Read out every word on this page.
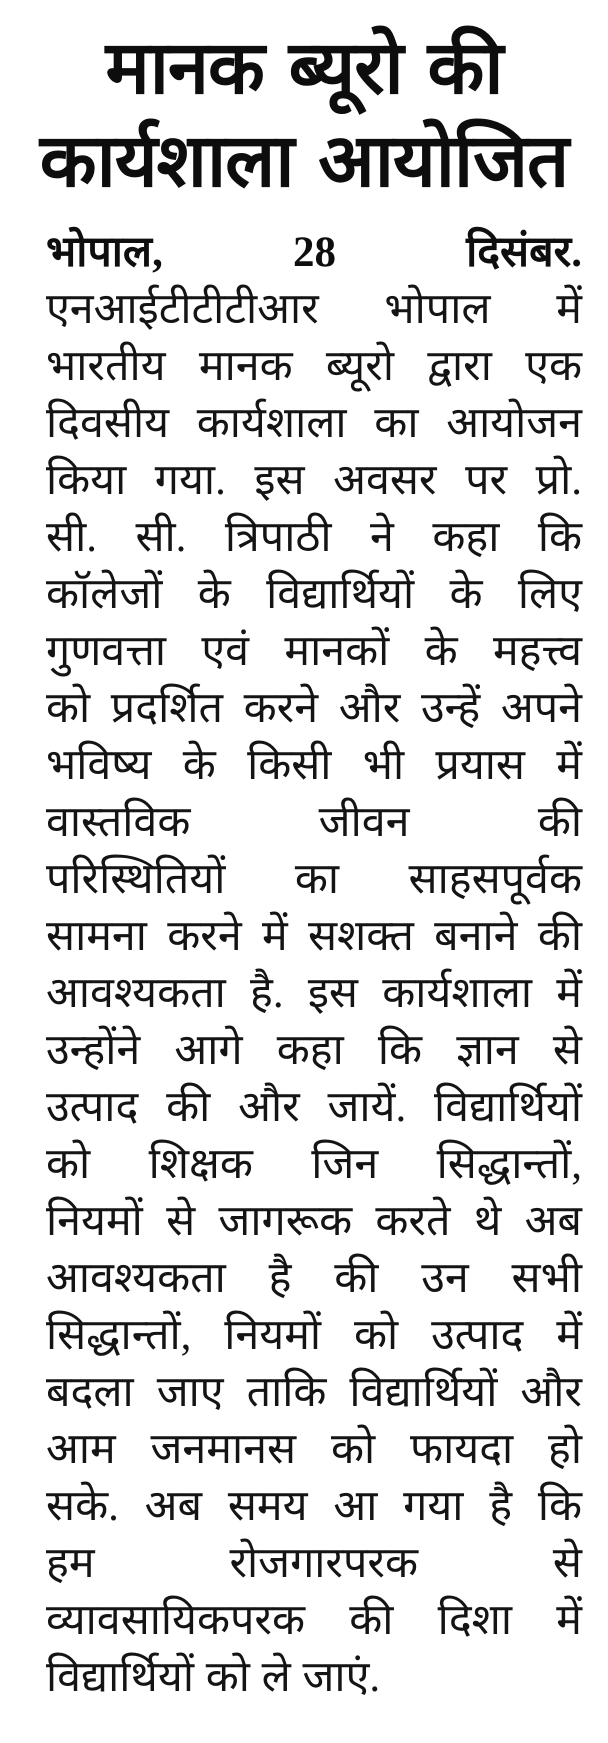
मानक ब्यूरो की
कार्यशाला आयोजित
भोपाल, 28 दिसंबर.
एनआईटीटीटीआर भोपाल में
भारतीय मानक ब्यूरो द्वारा एक
दिवसीय कार्यशाला का आयोजन
किया गया. इस अवसर पर प्रो.
सी. सी. त्रिपाठी ने कहा कि
कॉलेजों के विद्यार्थियों के लिए
गुणवत्ता एवं मानकों के महत्त्व
को प्रदर्शित करने और उन्हें अपने
भविष्य के किसी भी प्रयास में
वास्तविक जीवन की
परिस्थितियों का साहसपूर्वक
सामना करने में सशक्त बनाने की
आवश्यकता है. इस कार्यशाला में
उन्होंने आगे कहा कि ज्ञान से
उत्पाद की और जायें. विद्यार्थियों
को शिक्षक जिन सिद्धान्तों,
नियमों से जागरूक करते थे अब
आवश्यकता है की उन सभी
सिद्धान्तों, नियमों को उत्पाद में
बदला जाए ताकि विद्यार्थियों और
आम जनमानस को फायदा हो
सके. अब समय आ गया है कि
हम रोजगारपरक से
व्यावसायिकपरक की दिशा में
विद्यार्थियों को ले जाएं.
